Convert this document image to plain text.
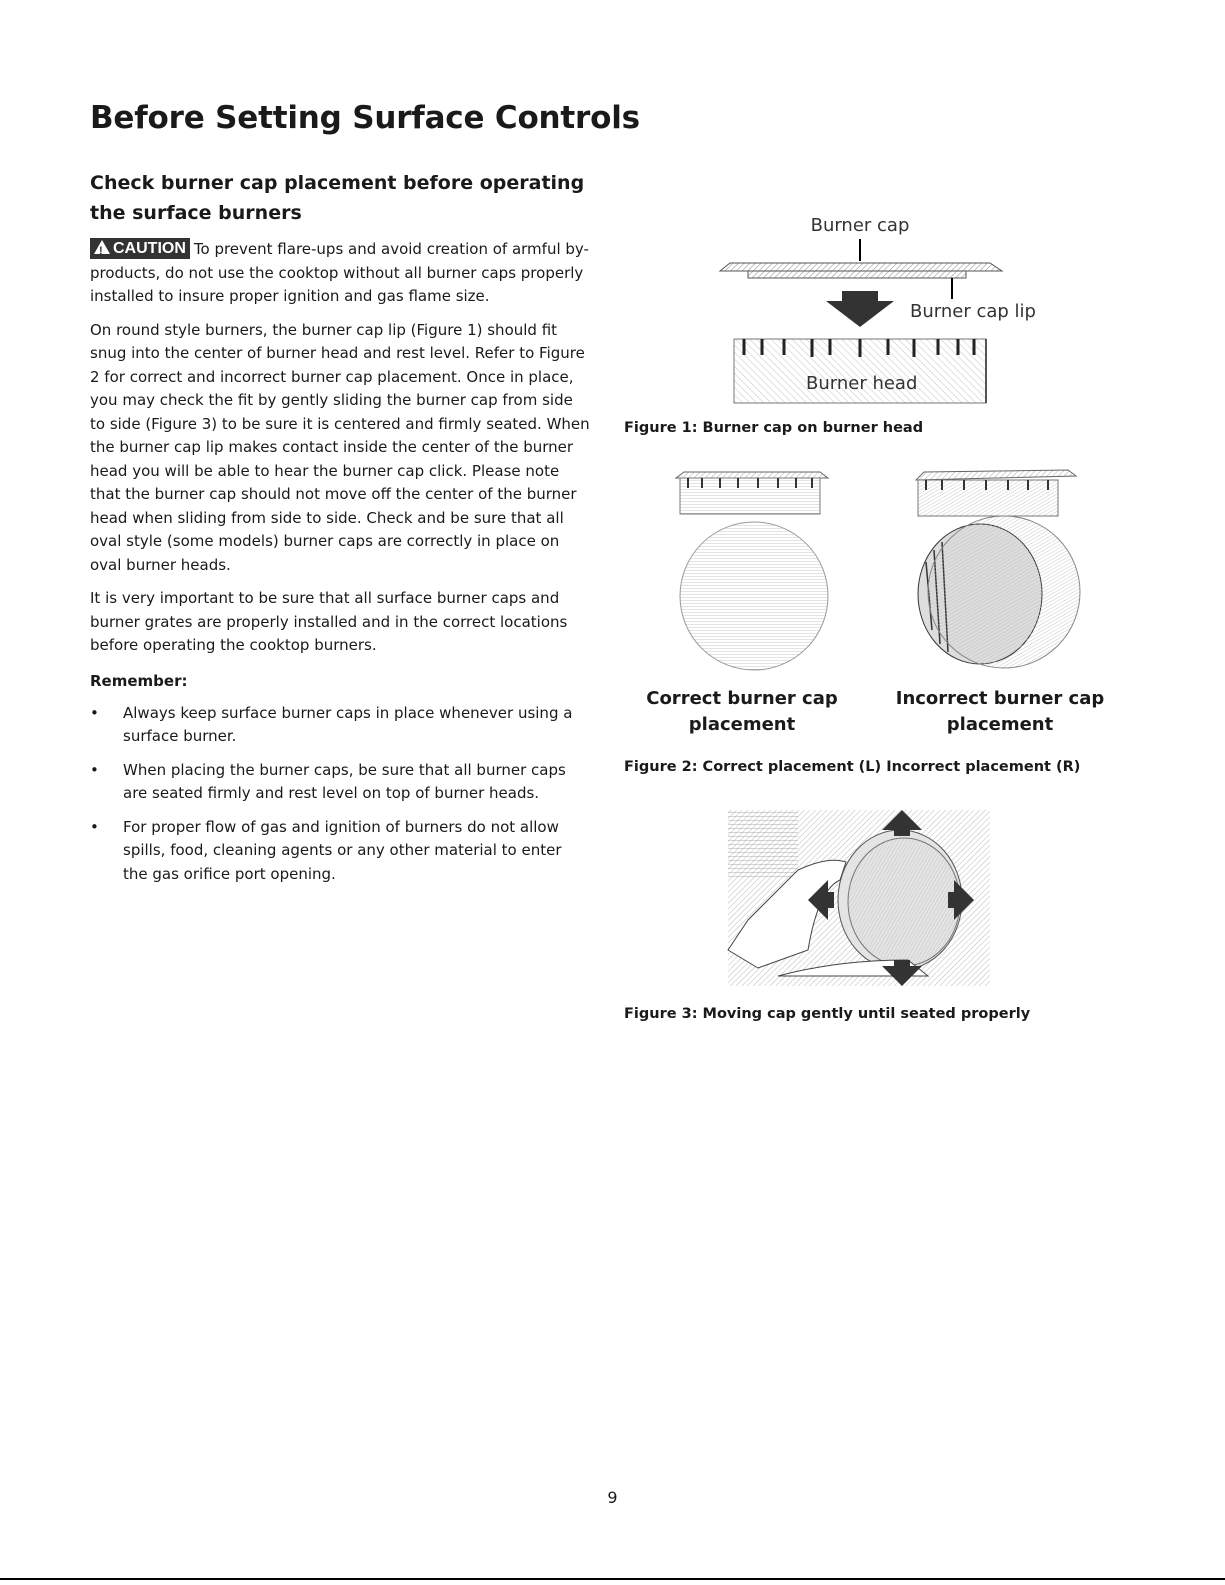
Before Setting Surface Controls
Check burner cap placement before operating the surface burners

!CAUTION To prevent flare-ups and avoid creation of armful by-products, do not use the cooktop without all burner caps properly installed to insure proper ignition and gas flame size.

On round style burners, the burner cap lip (Figure 1) should fit snug into the center of burner head and rest level. Refer to Figure 2 for correct and incorrect burner cap placement. Once in place, you may check the fit by gently sliding the burner cap from side to side (Figure 3) to be sure it is centered and firmly seated. When the burner cap lip makes contact inside the center of the burner head you will be able to hear the burner cap click. Please note that the burner cap should not move off the center of the burner head when sliding from side to side. Check and be sure that all oval style (some models) burner caps are correctly in place on oval burner heads.

It is very important to be sure that all surface burner caps and burner grates are properly installed and in the correct locations before operating the cooktop burners.

Remember:
• Always keep surface burner caps in place whenever using a surface burner.
• When placing the burner caps, be sure that all burner caps are seated firmly and rest level on top of burner heads.
• For proper flow of gas and ignition of burners do not allow spills, food, cleaning agents or any other material to enter the gas orifice port opening.
Burner cap
Burner cap lip
Burner head

Figure 1: Burner cap on burner head

Correct burner cap placement
Incorrect burner cap placement

Figure 2: Correct placement (L) Incorrect placement (R)

Figure 3: Moving cap gently until seated properly

9
